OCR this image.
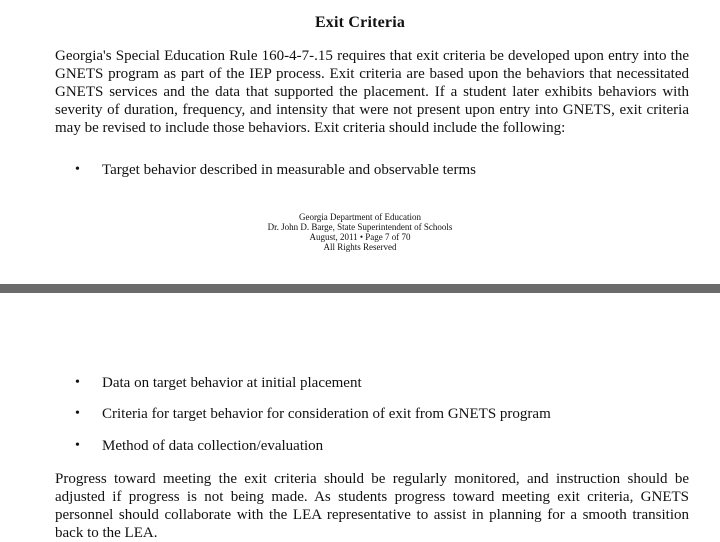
Exit Criteria
Georgia's Special Education Rule 160-4-7-.15 requires that exit criteria be developed upon entry into the GNETS program as part of the IEP process. Exit criteria are based upon the behaviors that necessitated GNETS services and the data that supported the placement. If a student later exhibits behaviors with severity of duration, frequency, and intensity that were not present upon entry into GNETS, exit criteria may be revised to include those behaviors. Exit criteria should include the following:
• Target behavior described in measurable and observable terms
Georgia Department of Education
Dr. John D. Barge, State Superintendent of Schools
August, 2011 • Page 7 of 70
All Rights Reserved
• Data on target behavior at initial placement
• Criteria for target behavior for consideration of exit from GNETS program
• Method of data collection/evaluation
Progress toward meeting the exit criteria should be regularly monitored, and instruction should be adjusted if progress is not being made. As students progress toward meeting exit criteria, GNETS personnel should collaborate with the LEA representative to assist in planning for a smooth transition back to the LEA.
